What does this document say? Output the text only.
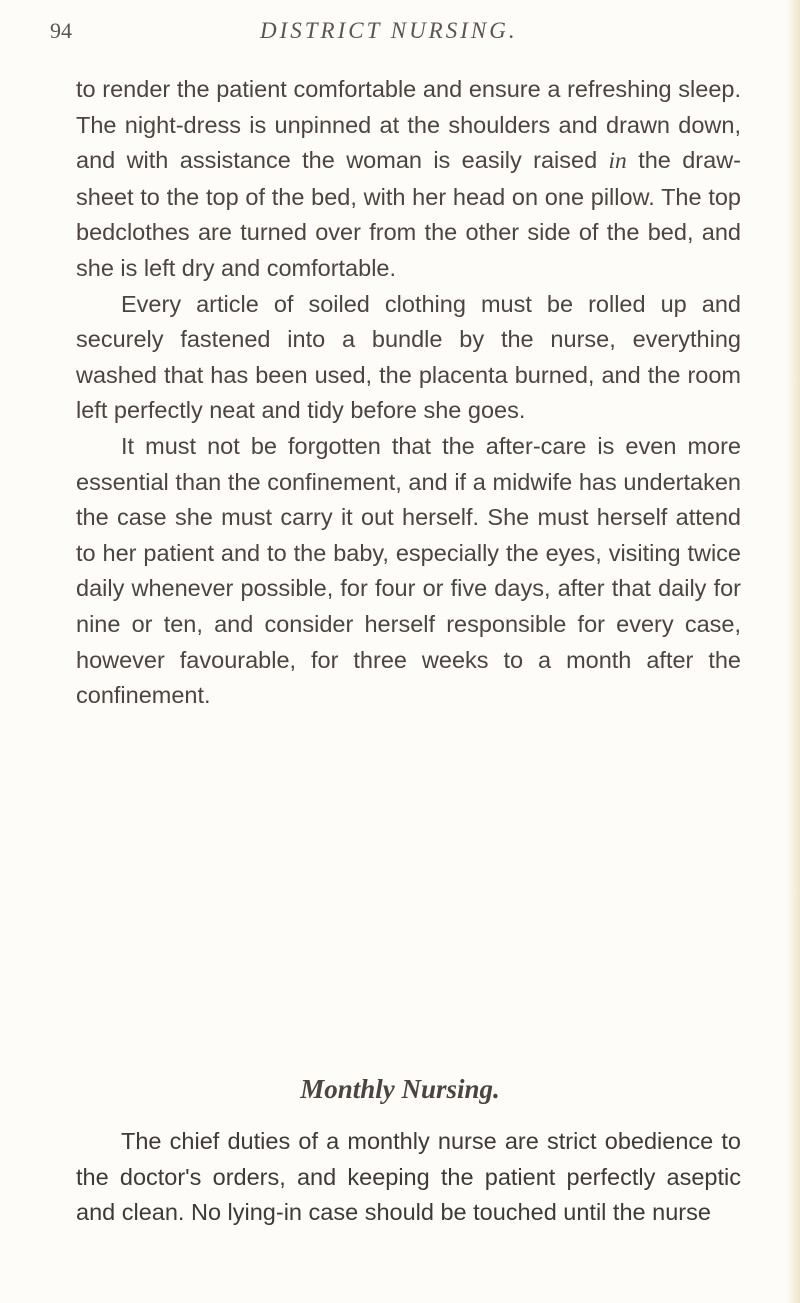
94	DISTRICT NURSING.

to render the patient comfortable and ensure a refreshing sleep. The night-dress is unpinned at the shoulders and drawn down, and with assistance the woman is easily raised in the draw-sheet to the top of the bed, with her head on one pillow. The top bedclothes are turned over from the other side of the bed, and she is left dry and comfortable.

Every article of soiled clothing must be rolled up and securely fastened into a bundle by the nurse, everything washed that has been used, the placenta burned, and the room left perfectly neat and tidy before she goes.

It must not be forgotten that the after-care is even more essential than the confinement, and if a midwife has undertaken the case she must carry it out herself. She must herself attend to her patient and to the baby, especially the eyes, visiting twice daily whenever possible, for four or five days, after that daily for nine or ten, and consider herself responsible for every case, however favourable, for three weeks to a month after the confinement.

Monthly Nursing.

The chief duties of a monthly nurse are strict obedience to the doctor's orders, and keeping the patient perfectly aseptic and clean. No lying-in case should be touched until the nurse
